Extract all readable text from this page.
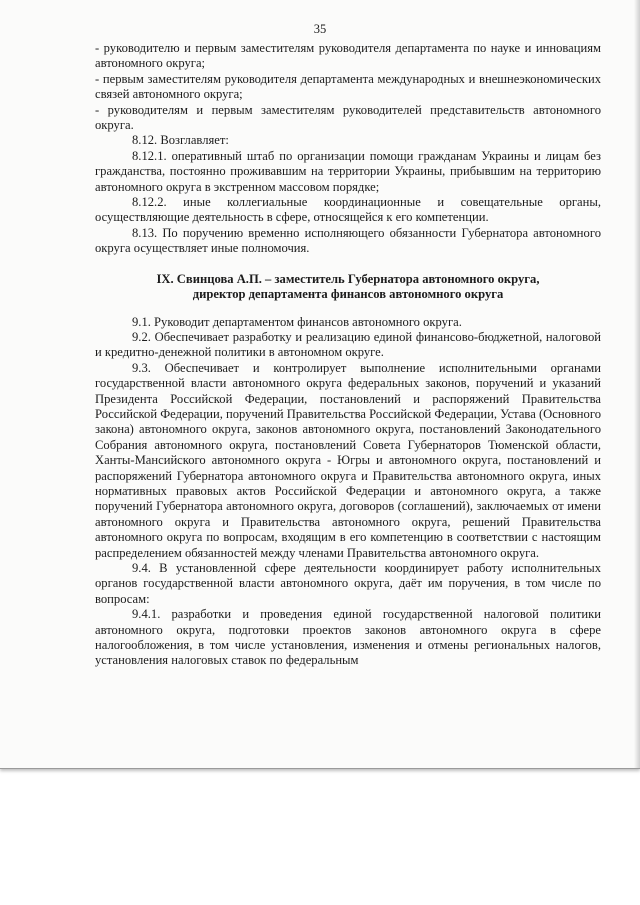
35

- руководителю и первым заместителям руководителя департамента по науке и инновациям автономного округа;

- первым заместителям руководителя департамента международных и внешнеэкономических связей автономного округа;

- руководителям и первым заместителям руководителей представительств автономного округа.

8.12. Возглавляет:

8.12.1. оперативный штаб по организации помощи гражданам Украины и лицам без гражданства, постоянно проживавшим на территории Украины, прибывшим на территорию автономного округа в экстренном массовом порядке;

8.12.2. иные коллегиальные координационные и совещательные органы, осуществляющие деятельность в сфере, относящейся к его компетенции.

8.13. По поручению временно исполняющего обязанности Губернатора автономного округа осуществляет иные полномочия.

IX. Свинцова А.П. – заместитель Губернатора автономного округа,
директор департамента финансов автономного округа

9.1. Руководит департаментом финансов автономного округа.

9.2. Обеспечивает разработку и реализацию единой финансово-бюджетной, налоговой и кредитно-денежной политики в автономном округе.

9.3. Обеспечивает и контролирует выполнение исполнительными органами государственной власти автономного округа федеральных законов, поручений и указаний Президента Российской Федерации, постановлений и распоряжений Правительства Российской Федерации, поручений Правительства Российской Федерации, Устава (Основного закона) автономного округа, законов автономного округа, постановлений Законодательного Собрания автономного округа, постановлений Совета Губернаторов Тюменской области, Ханты-Мансийского автономного округа - Югры и автономного округа, постановлений и распоряжений Губернатора автономного округа и Правительства автономного округа, иных нормативных правовых актов Российской Федерации и автономного округа, а также поручений Губернатора автономного округа, договоров (соглашений), заключаемых от имени автономного округа и Правительства автономного округа, решений Правительства автономного округа по вопросам, входящим в его компетенцию в соответствии с настоящим распределением обязанностей между членами Правительства автономного округа.

9.4. В установленной сфере деятельности координирует работу исполнительных органов государственной власти автономного округа, даёт им поручения, в том числе по вопросам:

9.4.1. разработки и проведения единой государственной налоговой политики автономного округа, подготовки проектов законов автономного округа в сфере налогообложения, в том числе установления, изменения и отмены региональных налогов, установления налоговых ставок по федеральным
